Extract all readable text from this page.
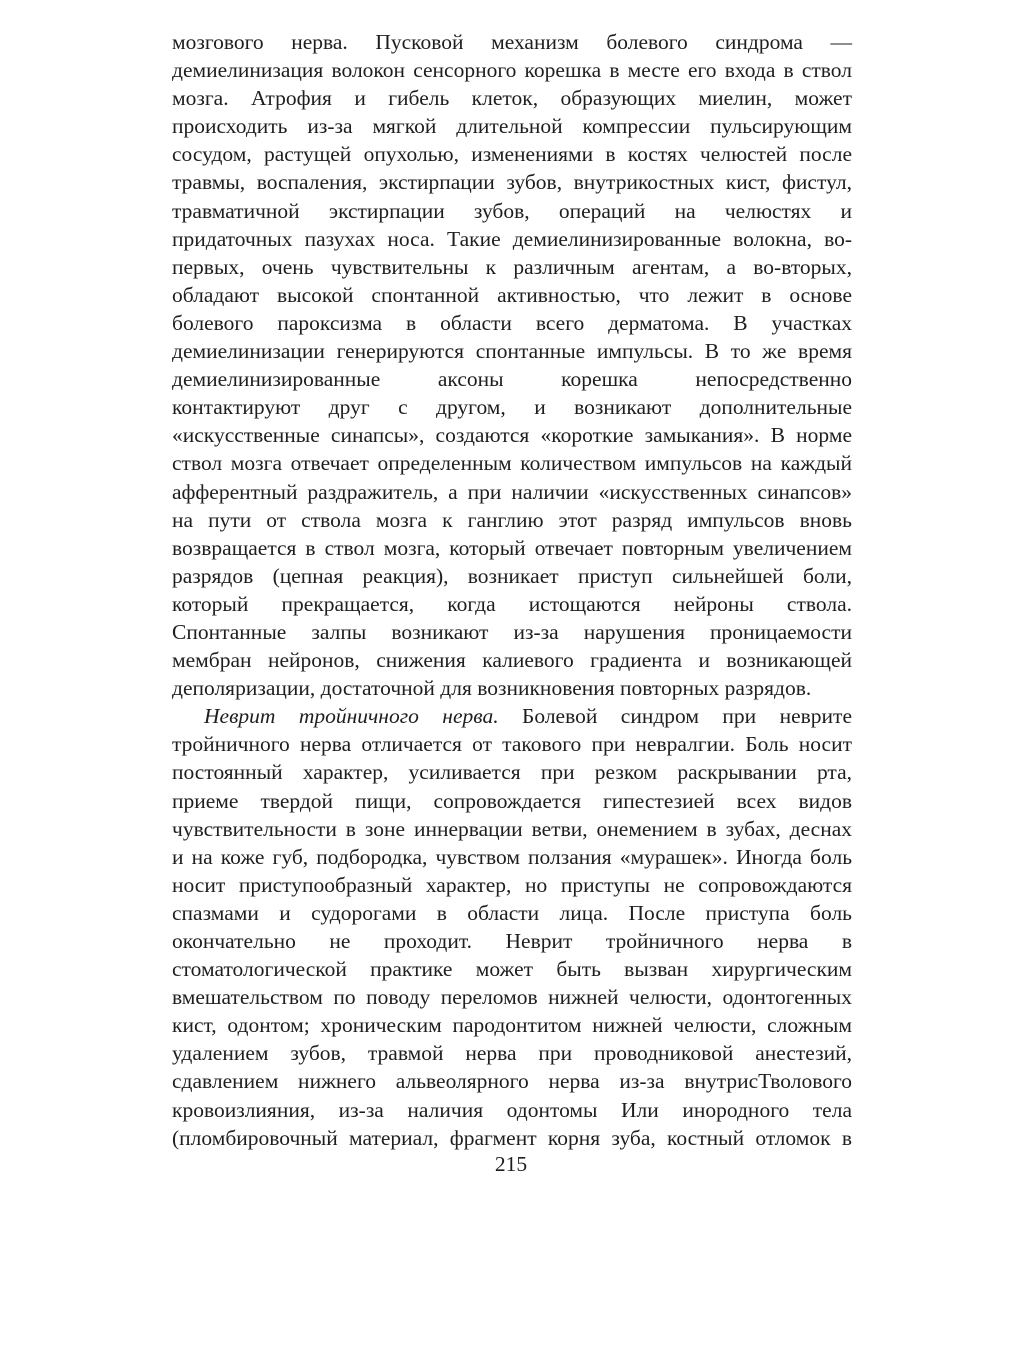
мозгового нерва. Пусковой механизм болевого синдрома —
демиелинизация волокон сенсорного корешка в месте его входа в ствол
мозга. Атрофия и гибель клеток, образующих миелин, может
происходить из-за мягкой длительной компрессии пульсирующим
сосудом, растущей опухолью, изменениями в костях челюстей после
травмы, воспаления, экстирпации зубов, внутрикостных кист, фистул,
травматичной экстирпации зубов, операций на челюстях и
придаточных пазухах носа. Такие демиелинизированные волокна, во-
первых, очень чувствительны к различным агентам, а во-вторых,
обладают высокой спонтанной активностью, что лежит в основе
болевого пароксизма в области всего дерматома. В участках
демиелинизации генерируются спонтанные импульсы. В то же время
демиелинизированные аксоны корешка непосредственно
контактируют друг с другом, и возникают дополнительные
«искусственные синапсы», создаются «короткие замыкания». В норме
ствол мозга отвечает определенным количеством импульсов на каждый
афферентный раздражитель, а при наличии «искусственных синапсов»
на пути от ствола мозга к ганглию этот разряд импульсов вновь
возвращается в ствол мозга, который отвечает повторным увеличением
разрядов (цепная реакция), возникает приступ сильнейшей боли,
который прекращается, когда истощаются нейроны ствола.
Спонтанные залпы возникают из-за нарушения проницаемости
мембран нейронов, снижения калиевого градиента и возникающей
деполяризации, достаточной для возникновения повторных разрядов.
Неврит тройничного нерва. Болевой синдром при неврите
тройничного нерва отличается от такового при невралгии. Боль носит
постоянный характер, усиливается при резком раскрывании рта,
приеме твердой пищи, сопровождается гипестезией всех видов
чувствительности в зоне иннервации ветви, онемением в зубах, деснах
и на коже губ, подбородка, чувством ползания «мурашек». Иногда боль
носит приступообразный характер, но приступы не сопровождаются
спазмами и судорогами в области лица. После приступа боль
окончательно не проходит. Неврит тройничного нерва в
стоматологической практике может быть вызван хирургическим
вмешательством по поводу переломов нижней челюсти, одонтогенных
кист, одонтом; хроническим пародонтитом нижней челюсти, сложным
удалением зубов, травмой нерва при проводниковой анестезий,
сдавлением нижнего альвеолярного нерва из-за внутрисТволового
кровоизлияния, из-за наличия одонтомы Или инородного тела
(пломбировочный материал, фрагмент корня зуба, костный отломок в
215
